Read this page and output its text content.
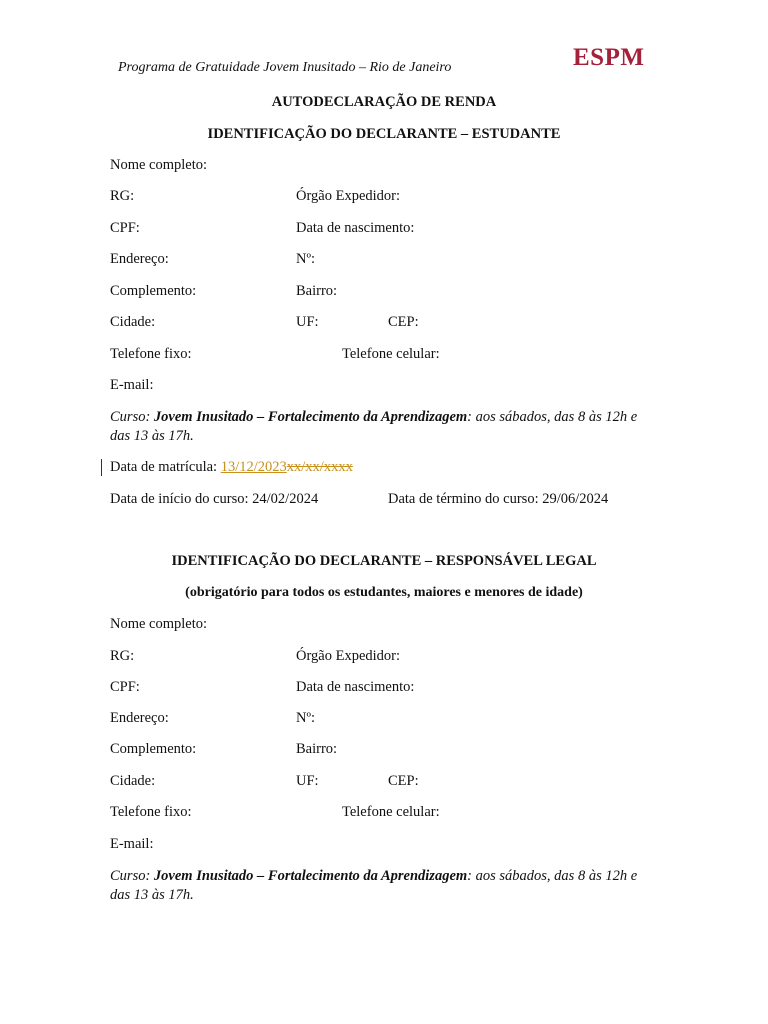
Programa de Gratuidade Jovem Inusitado – Rio de Janeiro	ESPM
AUTODECLARAÇÃO DE RENDA
IDENTIFICAÇÃO DO DECLARANTE – ESTUDANTE
Nome completo:
RG:	Órgão Expedidor:
CPF:	Data de nascimento:
Endereço:	Nº:
Complemento:	Bairro:
Cidade:	UF:	CEP:
Telefone fixo:	Telefone celular:
E-mail:
Curso: Jovem Inusitado – Fortalecimento da Aprendizagem: aos sábados, das 8 às 12h e das 13 às 17h.
Data de matrícula: 13/12/2023xx/xx/xxxx
Data de início do curso: 24/02/2024	Data de término do curso: 29/06/2024
IDENTIFICAÇÃO DO DECLARANTE – RESPONSÁVEL LEGAL
(obrigatório para todos os estudantes, maiores e menores de idade)
Nome completo:
RG:	Órgão Expedidor:
CPF:	Data de nascimento:
Endereço:	Nº:
Complemento:	Bairro:
Cidade:	UF:	CEP:
Telefone fixo:	Telefone celular:
E-mail:
Curso: Jovem Inusitado – Fortalecimento da Aprendizagem: aos sábados, das 8 às 12h e das 13 às 17h.
